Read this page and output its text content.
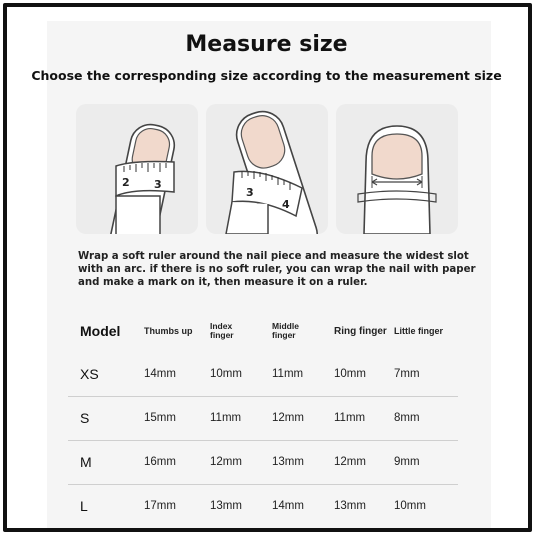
Measure size
Choose the corresponding size according to the measurement size
2 3
3
4
Wrap a soft ruler around the nail piece and measure the widest slot
with an arc. if there is no soft ruler, you can wrap the nail with paper
and make a mark on it, then measure it on a ruler.
Model	Thumbs up	Index finger	Middle finger	Ring finger	Little finger
XS	14mm	10mm	11mm	10mm	7mm
S	15mm	11mm	12mm	11mm	8mm
M	16mm	12mm	13mm	12mm	9mm
L	17mm	13mm	14mm	13mm	10mm
